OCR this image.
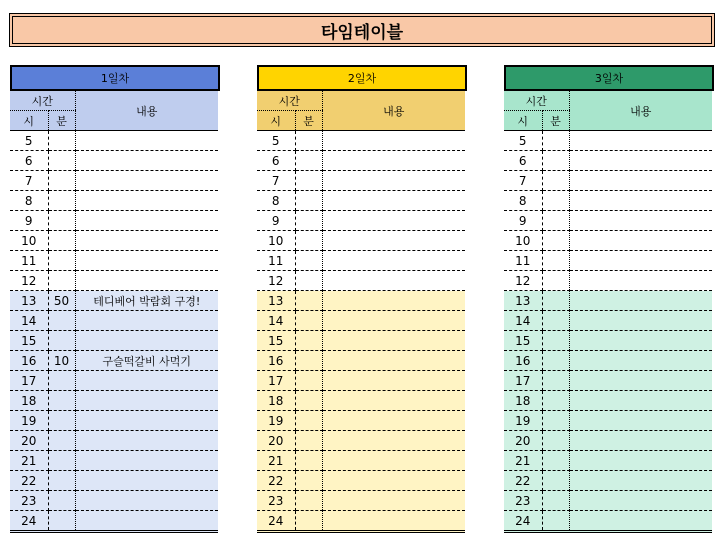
타임테이블
1일차
시간		내용
시	분	
5		
6		
7		
8		
9		
10		
11		
12		
13	50	테디베어 박람회 구경!
14		
15		
16	10	구슬떡갈비 사먹기
17		
18		
19		
20		
21		
22		
23		
24		
2일차
시간		내용
시	분	
5		
6		
7		
8		
9		
10		
11		
12		
13		
14		
15		
16		
17		
18		
19		
20		
21		
22		
23		
24		
3일차
시간		내용
시	분	
5		
6		
7		
8		
9		
10		
11		
12		
13		
14		
15		
16		
17		
18		
19		
20		
21		
22		
23		
24		
